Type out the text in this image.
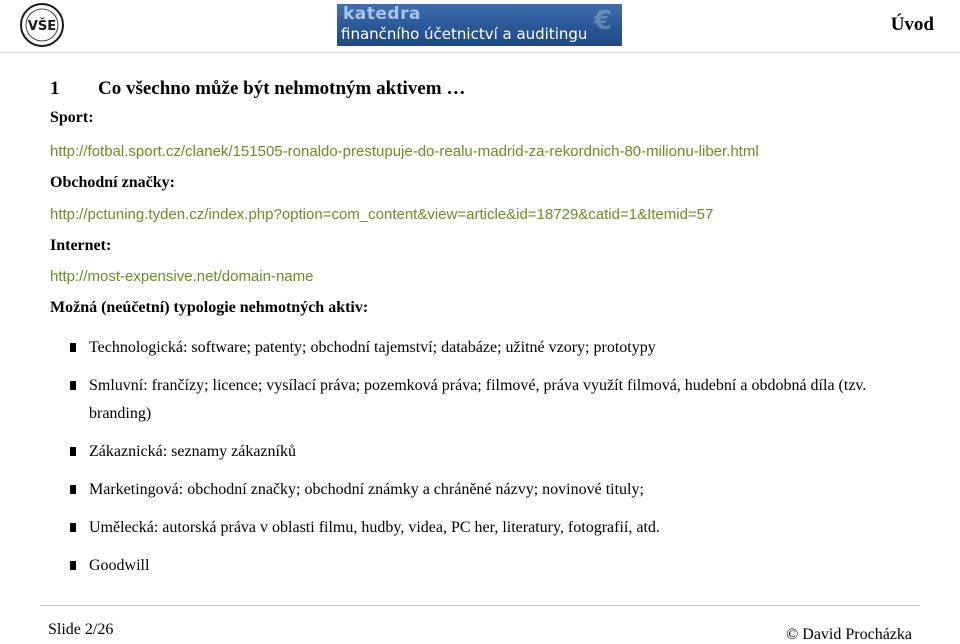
VŠE
katedra	€
finančního účetnictví a auditingu	Úvod
1 Co všechno může být nehmotným aktivem …
Sport:
http://fotbal.sport.cz/clanek/151505-ronaldo-prestupuje-do-realu-madrid-za-rekordnich-80-milionu-liber.html
Obchodní značky:
http://pctuning.tyden.cz/index.php?option=com_content&view=article&id=18729&catid=1&Itemid=57
Internet:
http://most-expensive.net/domain-name
Možná (neúčetní) typologie nehmotných aktiv:
Technologická: software; patenty; obchodní tajemství; databáze; užitné vzory; prototypy
Smluvní: frančízy; licence; vysílací práva; pozemková práva; filmové, práva využít filmová, hudební a obdobná díla (tzv. branding)
Zákaznická: seznamy zákazníků
Marketingová: obchodní značky; obchodní známky a chráněné názvy; novinové tituly;
Umělecká: autorská práva v oblasti filmu, hudby, videa, PC her, literatury, fotografií, atd.
Goodwill
Slide 2/26	© David Procházka
